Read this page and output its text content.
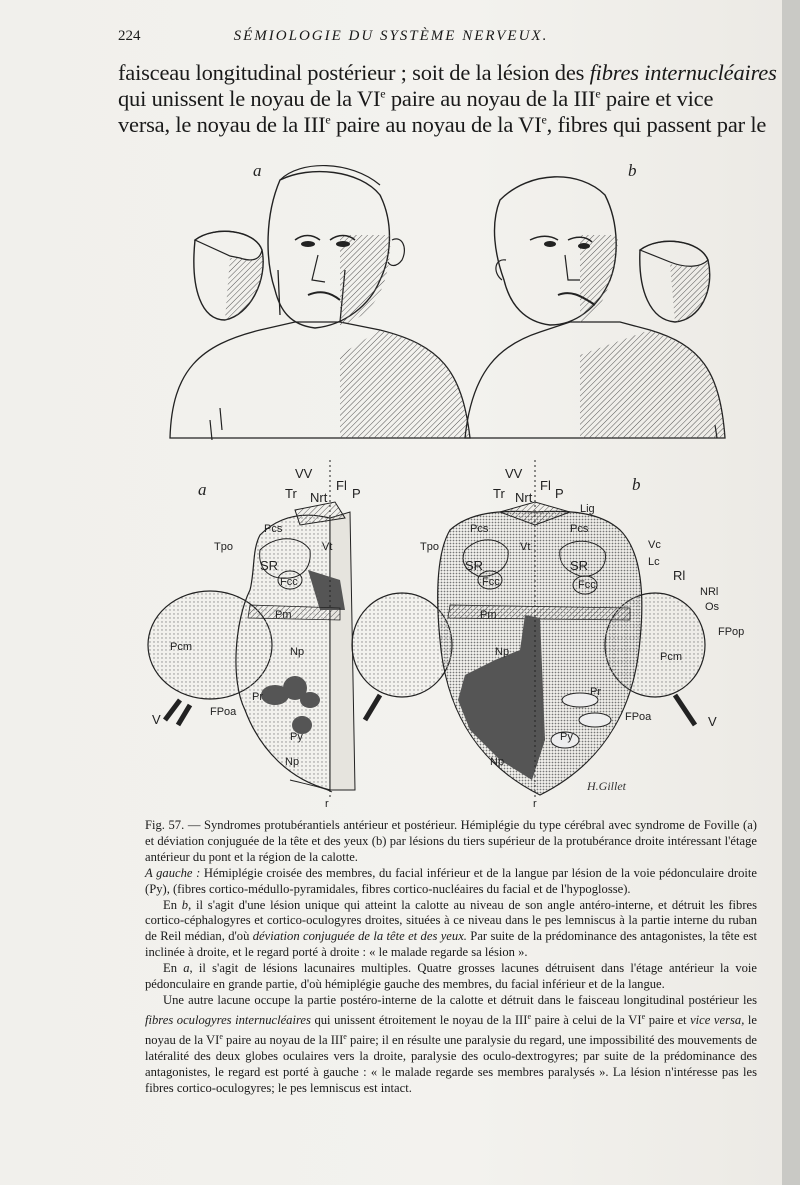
224	SÉMIOLOGIE DU SYSTÈME NERVEUX.
faisceau longitudinal postérieur ; soit de la lésion des fibres internucléaires
qui unissent le noyau de la VIe paire au noyau de la IIIe paire et vice
versa, le noyau de la IIIe paire au noyau de la VIe, fibres qui passent par le
a	b
a	b
VV
Tr Nrt
Fl
P
Pcs
Tpo
SR
Fcc
Vt
Pm
Np
Pcm
Pr
FPoa
V
Py
Np
r
VV
Tr Nrt
Fl
P
Lig
Pcs
Tpo
SR
Fcc
Vc
Lc
Rl
NRl
Os
FPop
Pcm
Pm
Np
Pr
FPoa	V
Vt
Pcs
SR
Fcc
Py
Np
r
H.Gillet

Fig. 57. — Syndromes protubérantiels antérieur et postérieur. Hémiplégie du type cérébral avec syndrome de Foville (a) et déviation conjuguée de la tête et des yeux (b) par lésions du tiers supérieur de la protubérance droite intéressant l'étage antérieur du pont et la région de la calotte.

A gauche : Hémiplégie croisée des membres, du facial inférieur et de la langue par lésion de la voie pédonculaire droite (Py), (fibres cortico-médullo-pyramidales, fibres cortico-nucléaires du facial et de l'hypoglosse).

En b, il s'agit d'une lésion unique qui atteint la calotte au niveau de son angle antéro-interne, et détruit les fibres cortico-céphalogyres et cortico-oculogyres droites, situées à ce niveau dans le pes lemniscus à la partie interne du ruban de Reil médian, d'où déviation conjuguée de la tête et des yeux. Par suite de la prédominance des antagonistes, la tête est inclinée à droite, et le regard porté à droite : « le malade regarde sa lésion ».

En a, il s'agit de lésions lacunaires multiples. Quatre grosses lacunes détruisent dans l'étage antérieur la voie pédonculaire en grande partie, d'où hémiplégie gauche des membres, du facial inférieur et de la langue.

Une autre lacune occupe la partie postéro-interne de la calotte et détruit dans le faisceau longitudinal postérieur les fibres oculogyres internucléaires qui unissent étroitement le noyau de la IIIe paire à celui de la VIe paire et vice versa, le noyau de la VIe paire au noyau de la IIIe paire; il en résulte une paralysie du regard, une impossibilité des mouvements de latéralité des deux globes oculaires vers la droite, paralysie des oculo-dextrogyres; par suite de la prédominance des antagonistes, le regard est porté à gauche : « le malade regarde ses membres paralysés ». La lésion n'intéresse pas les fibres cortico-oculogyres; le pes lemniscus est intact.
